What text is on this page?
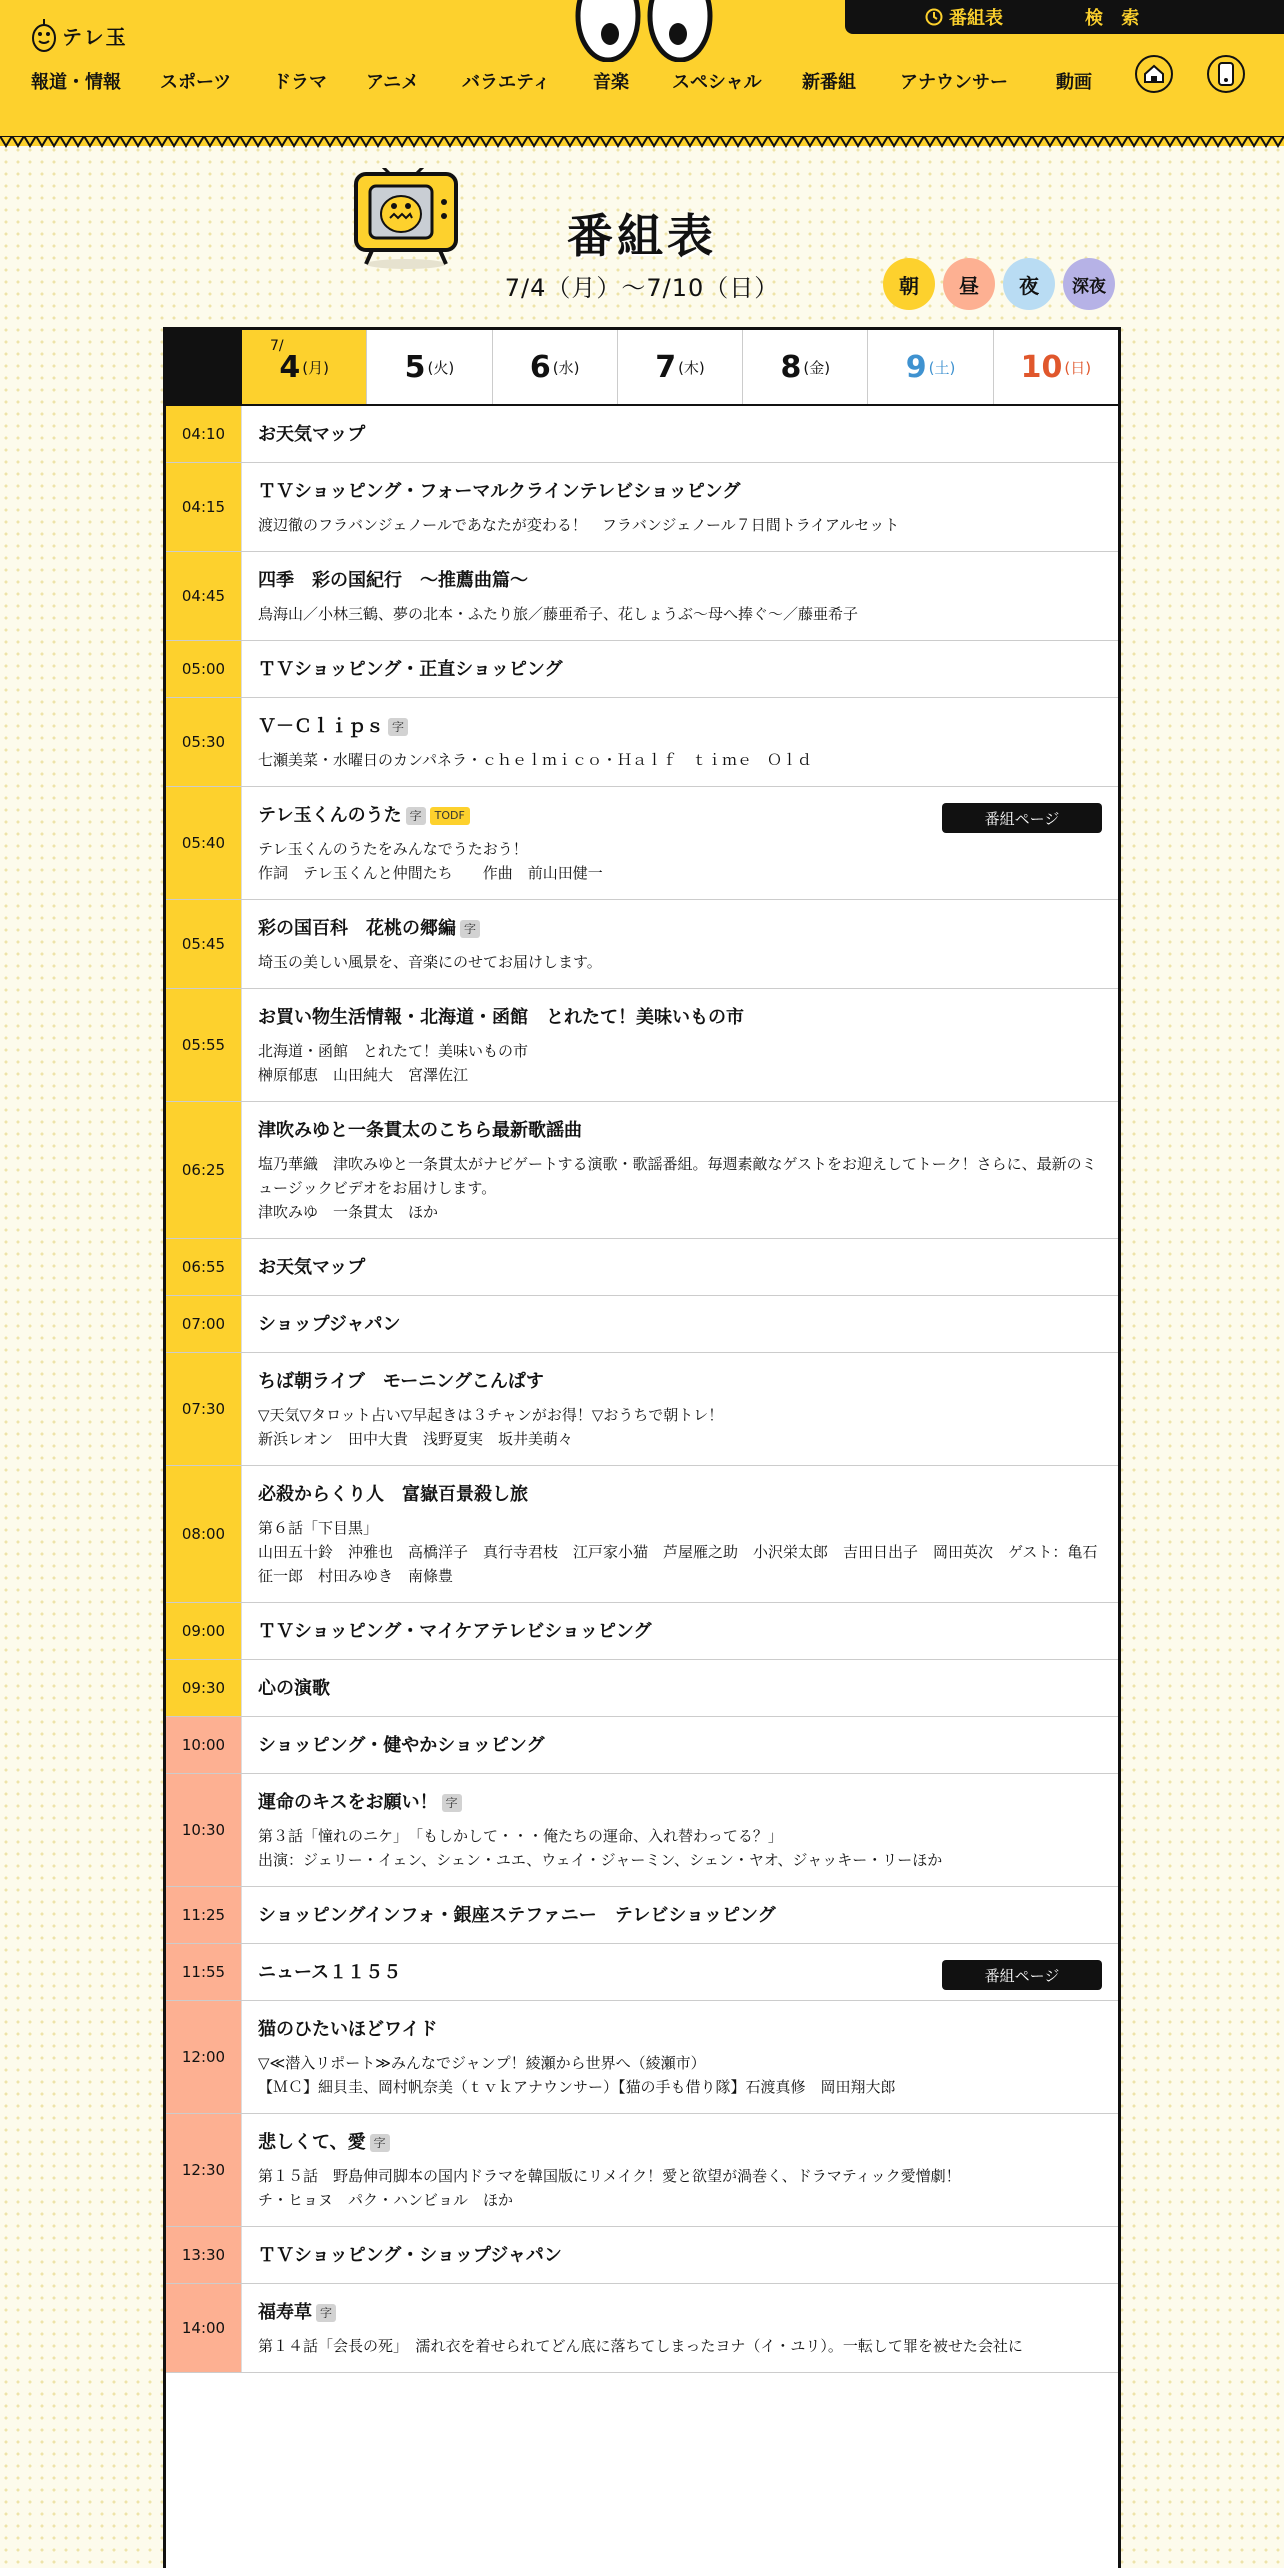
テレ玉
番組表	検 索
報道・情報 スポーツ ドラマ アニメ バラエティ 音楽 スペシャル 新番組 アナウンサー	動画
番組表
7/4（月）〜7/10（日）	朝	昼	夜	深夜
7/
4 (月)	5 (火)	6 (水)	7 (木)	8 (金)	9 (土) 10 (日)
04:10	お天気マップ
04:15
ＴＶショッピング・フォーマルクラインテレビショッピング
渡辺徹のフラバンジェノールであなたが変わる！　フラバンジェノール７日間トライアルセット
04:45
四季　彩の国紀行　～推薦曲篇～
鳥海山／小林三鶴、夢の北本・ふたり旅／藤亜希子、花しょうぶ～母へ捧ぐ～／藤亜希子
05:00	ＴＶショッピング・正直ショッピング
05:30
Ｖ－Ｃｌｉｐｓ 字
七瀬美菜・水曜日のカンパネラ・ｃｈｅｌｍｉｃｏ・Ｈａｌｆ　ｔｉｍｅ　Ｏｌｄ
05:40
テレ玉くんのうた 字	TODF
テレ玉くんのうたをみんなでうたおう！
作詞　テレ玉くんと仲間たち　　作曲　前山田健一
番組ページ
05:45
彩の国百科　花桃の郷編 字
埼玉の美しい風景を、音楽にのせてお届けします。
05:55
お買い物生活情報・北海道・函館　とれたて！美味いもの市
北海道・函館　とれたて！美味いもの市
榊原郁恵　山田純大　宮澤佐江
06:25
津吹みゆと一条貫太のこちら最新歌謡曲
塩乃華織　津吹みゆと一条貫太がナビゲートする演歌・歌謡番組。毎週素敵なゲストをお迎えしてトーク！さらに、最新のミュージックビデオをお届けします。
津吹みゆ　一条貫太　ほか
06:55	お天気マップ
07:00	ショップジャパン
07:30
ちば朝ライブ　モーニングこんぱす
▽天気▽タロット占い▽早起きは３チャンがお得！▽おうちで朝トレ！
新浜レオン　田中大貴　浅野夏実　坂井美萌々
08:00
必殺からくり人　富嶽百景殺し旅
第６話「下目黒」
山田五十鈴　沖雅也　高橋洋子　真行寺君枝　江戸家小猫　芦屋雁之助　小沢栄太郎　吉田日出子　岡田英次　ゲスト：亀石征一郎　村田みゆき　南條豊
09:00	ＴＶショッピング・マイケアテレビショッピング
09:30	心の演歌
10:00	ショッピング・健やかショッピング
10:30
運命のキスをお願い！ 字
第３話「憧れのニケ」　「もしかして・・・俺たちの運命、入れ替わってる？」
出演：ジェリー・イェン、シェン・ユエ、ウェイ・ジャーミン、シェン・ヤオ、ジャッキー・リーほか
11:25	ショッピングインフォ・銀座ステファニー　テレビショッピング
11:55	ニュース１１５５	番組ページ
12:00
猫のひたいほどワイド
▽≪潜入リポート≫みんなでジャンプ！綾瀬から世界へ（綾瀬市）
【ＭＣ】細貝圭、岡村帆奈美（ｔｖｋアナウンサー）【猫の手も借り隊】石渡真修　岡田翔大郎
12:30
悲しくて、愛 字
第１５話　野島伸司脚本の国内ドラマを韓国版にリメイク！愛と欲望が渦巻く、ドラマティック愛憎劇！
チ・ヒョヌ　パク・ハンビョル　ほか
13:30	ＴＶショッピング・ショップジャパン
14:00
福寿草 字
第１４話「会長の死」　濡れ衣を着せられてどん底に落ちてしまったヨナ（イ・ユリ）。一転して罪を被せた会社に
